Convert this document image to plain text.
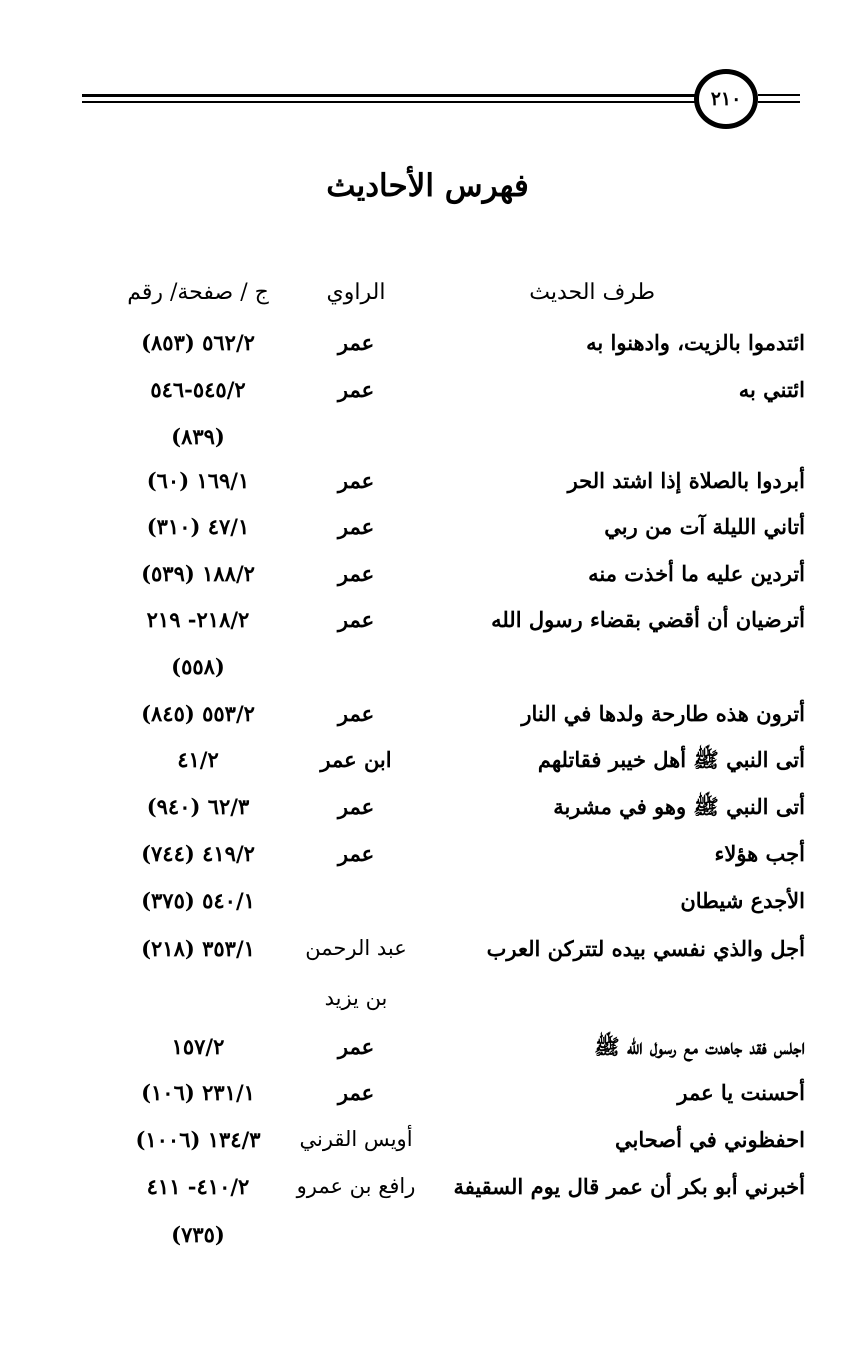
٢١٠
فهرس الأحاديث
طرف الحديث
الراوي
ج / صفحة/ رقم
ائتدموا بالزيت، وادهنوا به
عمر
٥٦٢/٢ (٨٥٣)
ائتني به
عمر
٥٤٥/٢-٥٤٦
(٨٣٩)
أبردوا بالصلاة إذا اشتد الحر
عمر
١٦٩/١ (٦٠)
أتاني الليلة آت من ربي
عمر
٤٧/١ (٣١٠)
أتردين عليه ما أخذت منه
عمر
١٨٨/٢ (٥٣٩)
أترضيان أن أقضي بقضاء رسول الله
عمر
٢١٨/٢- ٢١٩
(٥٥٨)
أترون هذه طارحة ولدها في النار
عمر
٥٥٣/٢ (٨٤٥)
أتى النبي ﷺ أهل خيبر فقاتلهم
ابن عمر
٤١/٢
أتى النبي ﷺ وهو في مشربة
عمر
٦٢/٣ (٩٤٠)
أجب هؤلاء
عمر
٤١٩/٢ (٧٤٤)
الأجدع شيطان
٥٤٠/١ (٣٧٥)
أجل والذي نفسي بيده لتتركن العرب
عبد الرحمن
٣٥٣/١ (٢١٨)
بن يزيد
اجلس فقد جاهدت مع رسول الله ﷺ
عمر
١٥٧/٢
أحسنت يا عمر
عمر
٢٣١/١ (١٠٦)
احفظوني في أصحابي
أويس القرني
١٣٤/٣ (١٠٠٦)
أخبرني أبو بكر أن عمر قال يوم السقيفة
رافع بن عمرو
٤١٠/٢- ٤١١
(٧٣٥)
